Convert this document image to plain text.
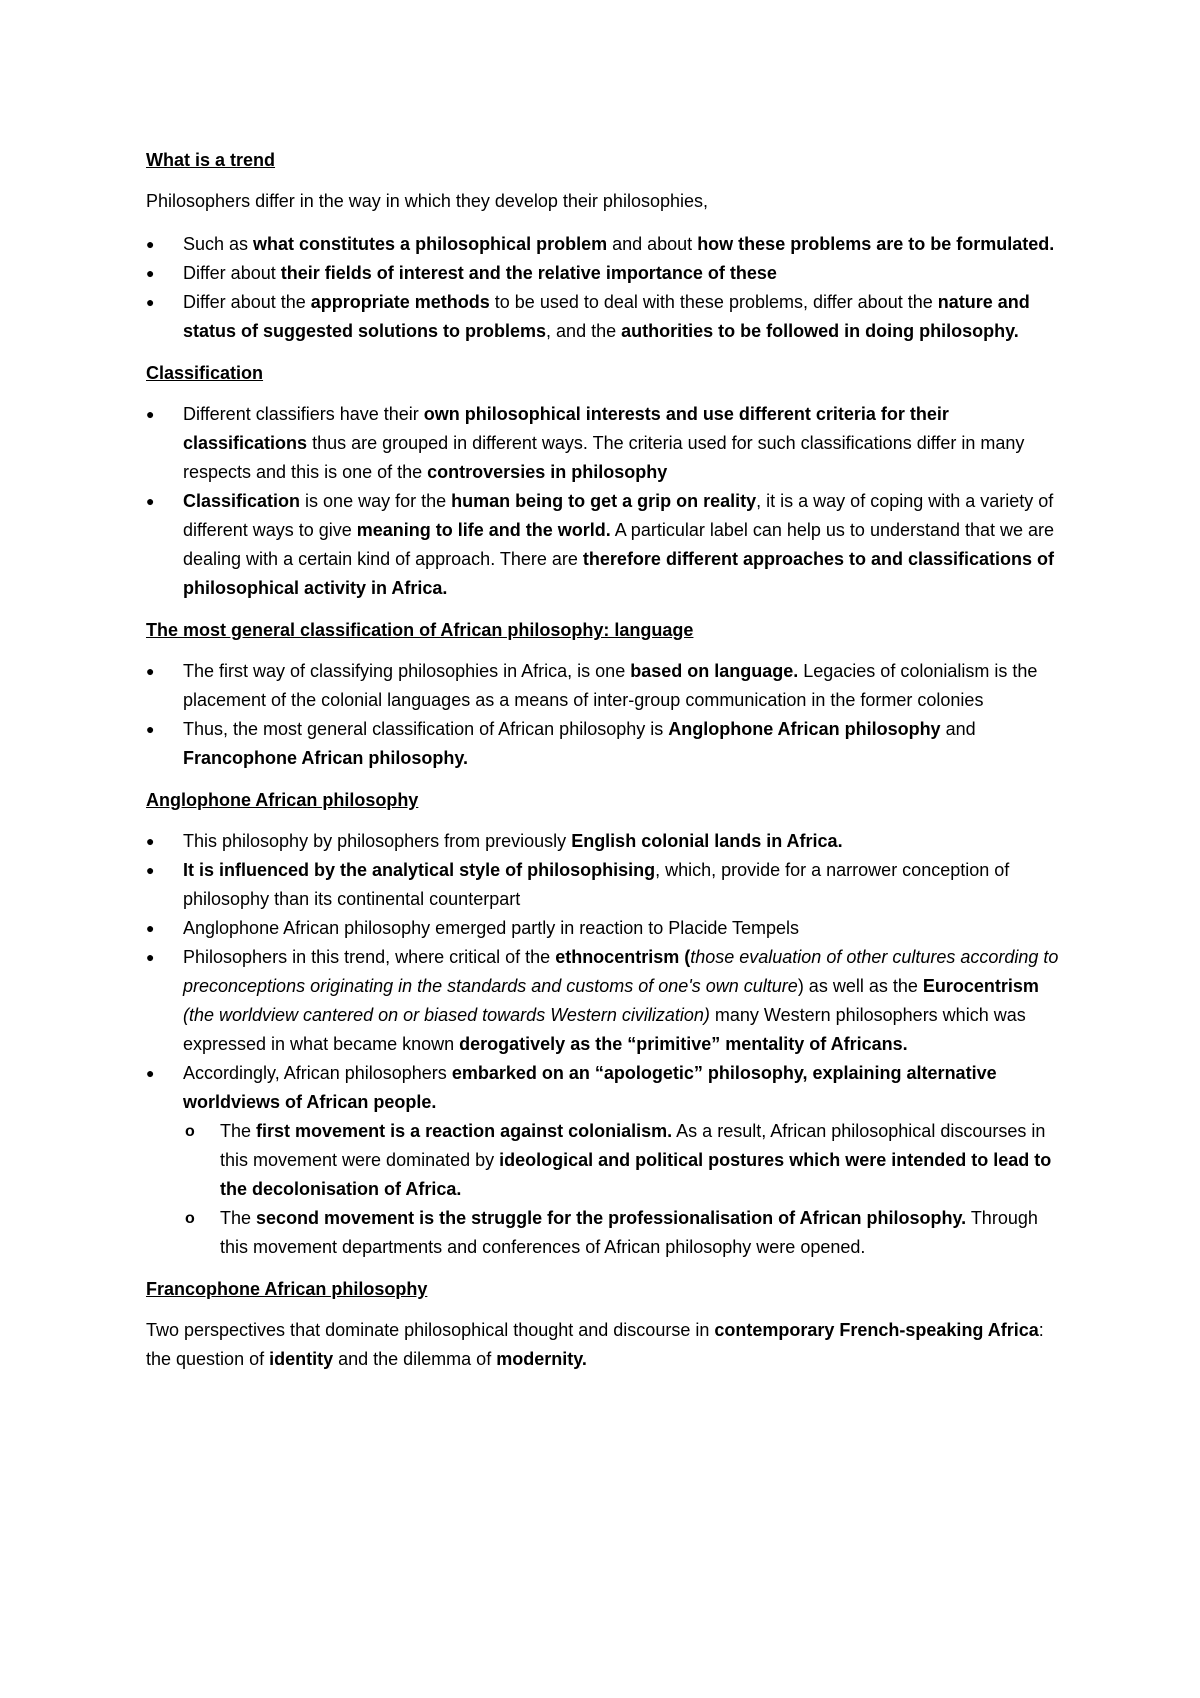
What is a trend

Philosophers differ in the way in which they develop their philosophies,

●	Such as what constitutes a philosophical problem and about how these problems are to be formulated.
●	Differ about their fields of interest and the relative importance of these
●	Differ about the appropriate methods to be used to deal with these problems, differ about the nature and status of suggested solutions to problems, and the authorities to be followed in doing philosophy.
Classification
●	Different classifiers have their own philosophical interests and use different criteria for their classifications thus are grouped in different ways. The criteria used for such classifications differ in many respects and this is one of the controversies in philosophy
●	Classification is one way for the human being to get a grip on reality, it is a way of coping with a variety of different ways to give meaning to life and the world. A particular label can help us to understand that we are dealing with a certain kind of approach. There are therefore different approaches to and classifications of philosophical activity in Africa.
The most general classification of African philosophy: language
●	The first way of classifying philosophies in Africa, is one based on language. Legacies of colonialism is the placement of the colonial languages as a means of inter-group communication in the former colonies
●	Thus, the most general classification of African philosophy is Anglophone African philosophy and Francophone African philosophy.
Anglophone African philosophy
●	This philosophy by philosophers from previously English colonial lands in Africa.
●	It is influenced by the analytical style of philosophising, which, provide for a narrower conception of philosophy than its continental counterpart
●	Anglophone African philosophy emerged partly in reaction to Placide Tempels
●	Philosophers in this trend, where critical of the ethnocentrism (those evaluation of other cultures according to preconceptions originating in the standards and customs of one's own culture) as well as the Eurocentrism (the worldview cantered on or biased towards Western civilization) many Western philosophers which was expressed in what became known derogatively as the “primitive” mentality of Africans.
●	Accordingly, African philosophers embarked on an “apologetic” philosophy, explaining alternative worldviews of African people.
o	The first movement is a reaction against colonialism. As a result, African philosophical discourses in this movement were dominated by ideological and political postures which were intended to lead to the decolonisation of Africa.
o	The second movement is the struggle for the professionalisation of African philosophy. Through this movement departments and conferences of African philosophy were opened.
Francophone African philosophy

Two perspectives that dominate philosophical thought and discourse in contemporary French-speaking Africa: the question of identity and the dilemma of modernity.
